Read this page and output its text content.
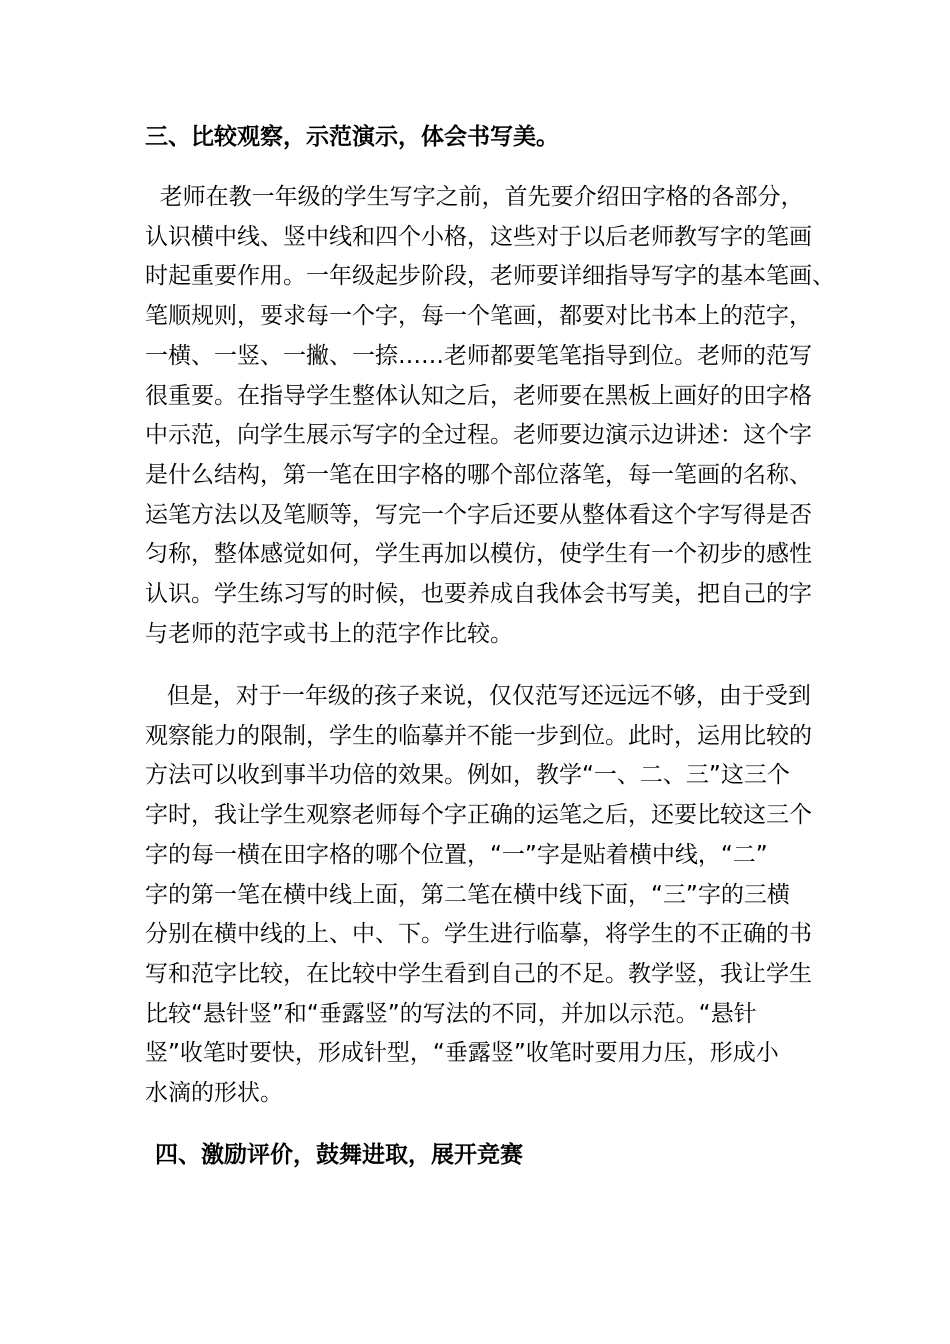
三、比较观察，示范演示，体会书写美。
老师在教一年级的学生写字之前，首先要介绍田字格的各部分，
认识横中线、竖中线和四个小格，这些对于以后老师教写字的笔画
时起重要作用。一年级起步阶段，老师要详细指导写字的基本笔画、
笔顺规则，要求每一个字，每一个笔画，都要对比书本上的范字，
一横、一竖、一撇、一捺……老师都要笔笔指导到位。老师的范写
很重要。在指导学生整体认知之后，老师要在黑板上画好的田字格
中示范，向学生展示写字的全过程。老师要边演示边讲述：这个字
是什么结构，第一笔在田字格的哪个部位落笔，每一笔画的名称、
运笔方法以及笔顺等，写完一个字后还要从整体看这个字写得是否
匀称，整体感觉如何，学生再加以模仿，使学生有一个初步的感性
认识。学生练习写的时候，也要养成自我体会书写美，把自己的字
与老师的范字或书上的范字作比较。
但是，对于一年级的孩子来说，仅仅范写还远远不够，由于受到
观察能力的限制，学生的临摹并不能一步到位。此时，运用比较的
方法可以收到事半功倍的效果。例如，教学“一、二、三”这三个
字时，我让学生观察老师每个字正确的运笔之后，还要比较这三个
字的每一横在田字格的哪个位置，“一”字是贴着横中线，“二”
字的第一笔在横中线上面，第二笔在横中线下面，“三”字的三横
分别在横中线的上、中、下。学生进行临摹，将学生的不正确的书
写和范字比较，在比较中学生看到自己的不足。教学竖，我让学生
比较“悬针竖”和“垂露竖”的写法的不同，并加以示范。“悬针
竖”收笔时要快，形成针型，“垂露竖”收笔时要用力压，形成小
水滴的形状。
四、激励评价，鼓舞进取，展开竞赛
